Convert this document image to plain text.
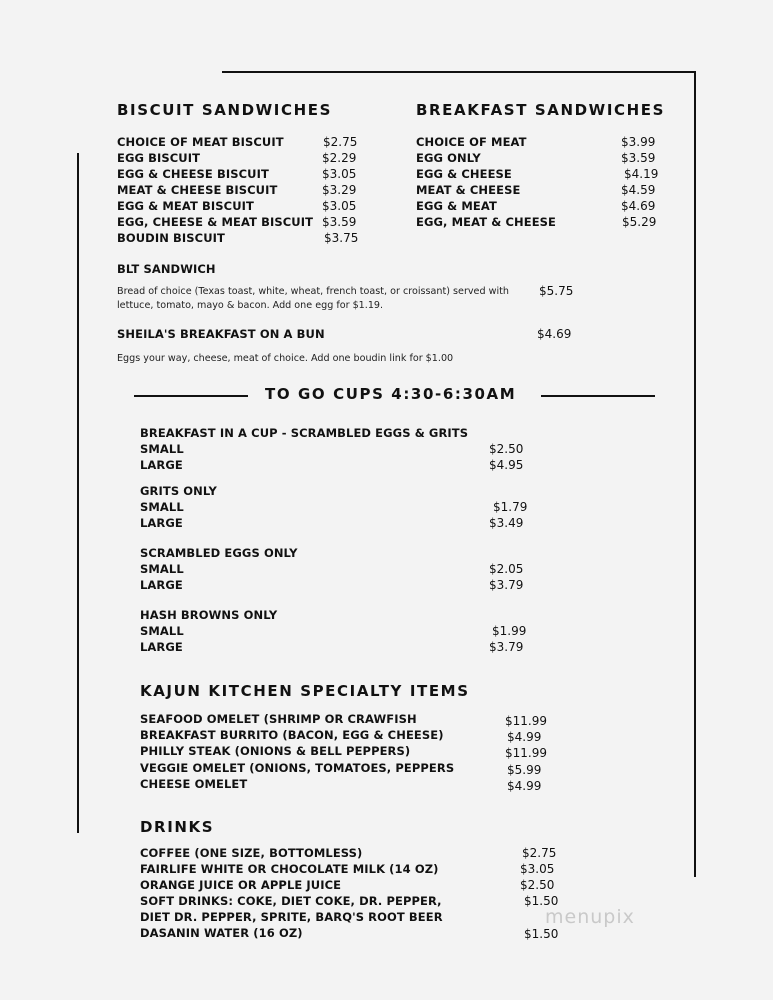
BISCUIT SANDWICHES
CHOICE OF MEAT BISCUIT	$2.75
EGG BISCUIT	$2.29
EGG & CHEESE BISCUIT	$3.05
MEAT & CHEESE BISCUIT	$3.29
EGG & MEAT BISCUIT	$3.05
EGG, CHEESE & MEAT BISCUIT $3.59
BOUDIN BISCUIT	$3.75
BREAKFAST SANDWICHES
CHOICE OF MEAT	$3.99
EGG ONLY	$3.59
EGG & CHEESE	$4.19
MEAT & CHEESE	$4.59
EGG & MEAT	$4.69
EGG, MEAT & CHEESE	$5.29
BLT SANDWICH
Bread of choice (Texas toast, white, wheat, french toast, or croissant) served with
lettuce, tomato, mayo & bacon. Add one egg for $1.19.
$5.75
SHEILA'S BREAKFAST ON A BUN	$4.69
Eggs your way, cheese, meat of choice. Add one boudin link for $1.00
TO GO CUPS 4:30-6:30AM
BREAKFAST IN A CUP - SCRAMBLED EGGS & GRITS
SMALL	$2.50
LARGE	$4.95
GRITS ONLY
SMALL	$1.79
LARGE	$3.49
SCRAMBLED EGGS ONLY
SMALL	$2.05
LARGE	$3.79
HASH BROWNS ONLY
SMALL	$1.99
LARGE	$3.79
KAJUN KITCHEN SPECIALTY ITEMS
SEAFOOD OMELET (SHRIMP OR CRAWFISH	$11.99
BREAKFAST BURRITO (BACON, EGG & CHEESE)	$4.99
PHILLY STEAK (ONIONS & BELL PEPPERS)	$11.99
VEGGIE OMELET (ONIONS, TOMATOES, PEPPERS	$5.99
CHEESE OMELET	$4.99
DRINKS
COFFEE (ONE SIZE, BOTTOMLESS)	$2.75
FAIRLIFE WHITE OR CHOCOLATE MILK (14 OZ)	$3.05
ORANGE JUICE OR APPLE JUICE	$2.50
SOFT DRINKS: COKE, DIET COKE, DR. PEPPER,	$1.50
DIET DR. PEPPER, SPRITE, BARQ'S ROOT BEER
DASANIN WATER (16 OZ)	$1.50
menupix
